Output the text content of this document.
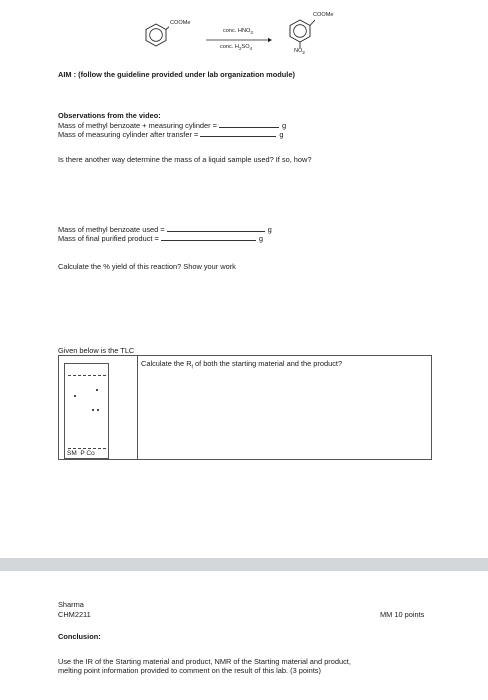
COOMe
conc. $HNO_3$
conc. $H_2SO_4$
COOMe
$NO_2$
AIM : (follow the guideline provided under lab organization module)
Observations from the video:
Mass of methyl benzoate + measuring cylinder =	g
Mass of measuring cylinder after transfer =	g
Is there another way determine the mass of a liquid sample used? If so, how?
Mass of methyl benzoate used =	g
Mass of final purified product =	g
Calculate the % yield of this reaction? Show your work
Given below is the TLC
Calculate the $R_f$ of both the starting material and the product?
SM  P Co
Sharma
CHM2211	MM 10 points
Conclusion:
Use the IR of the Starting material and product, NMR of the Starting material and product,
melting point information provided to comment on the result of this lab. (3 points)
